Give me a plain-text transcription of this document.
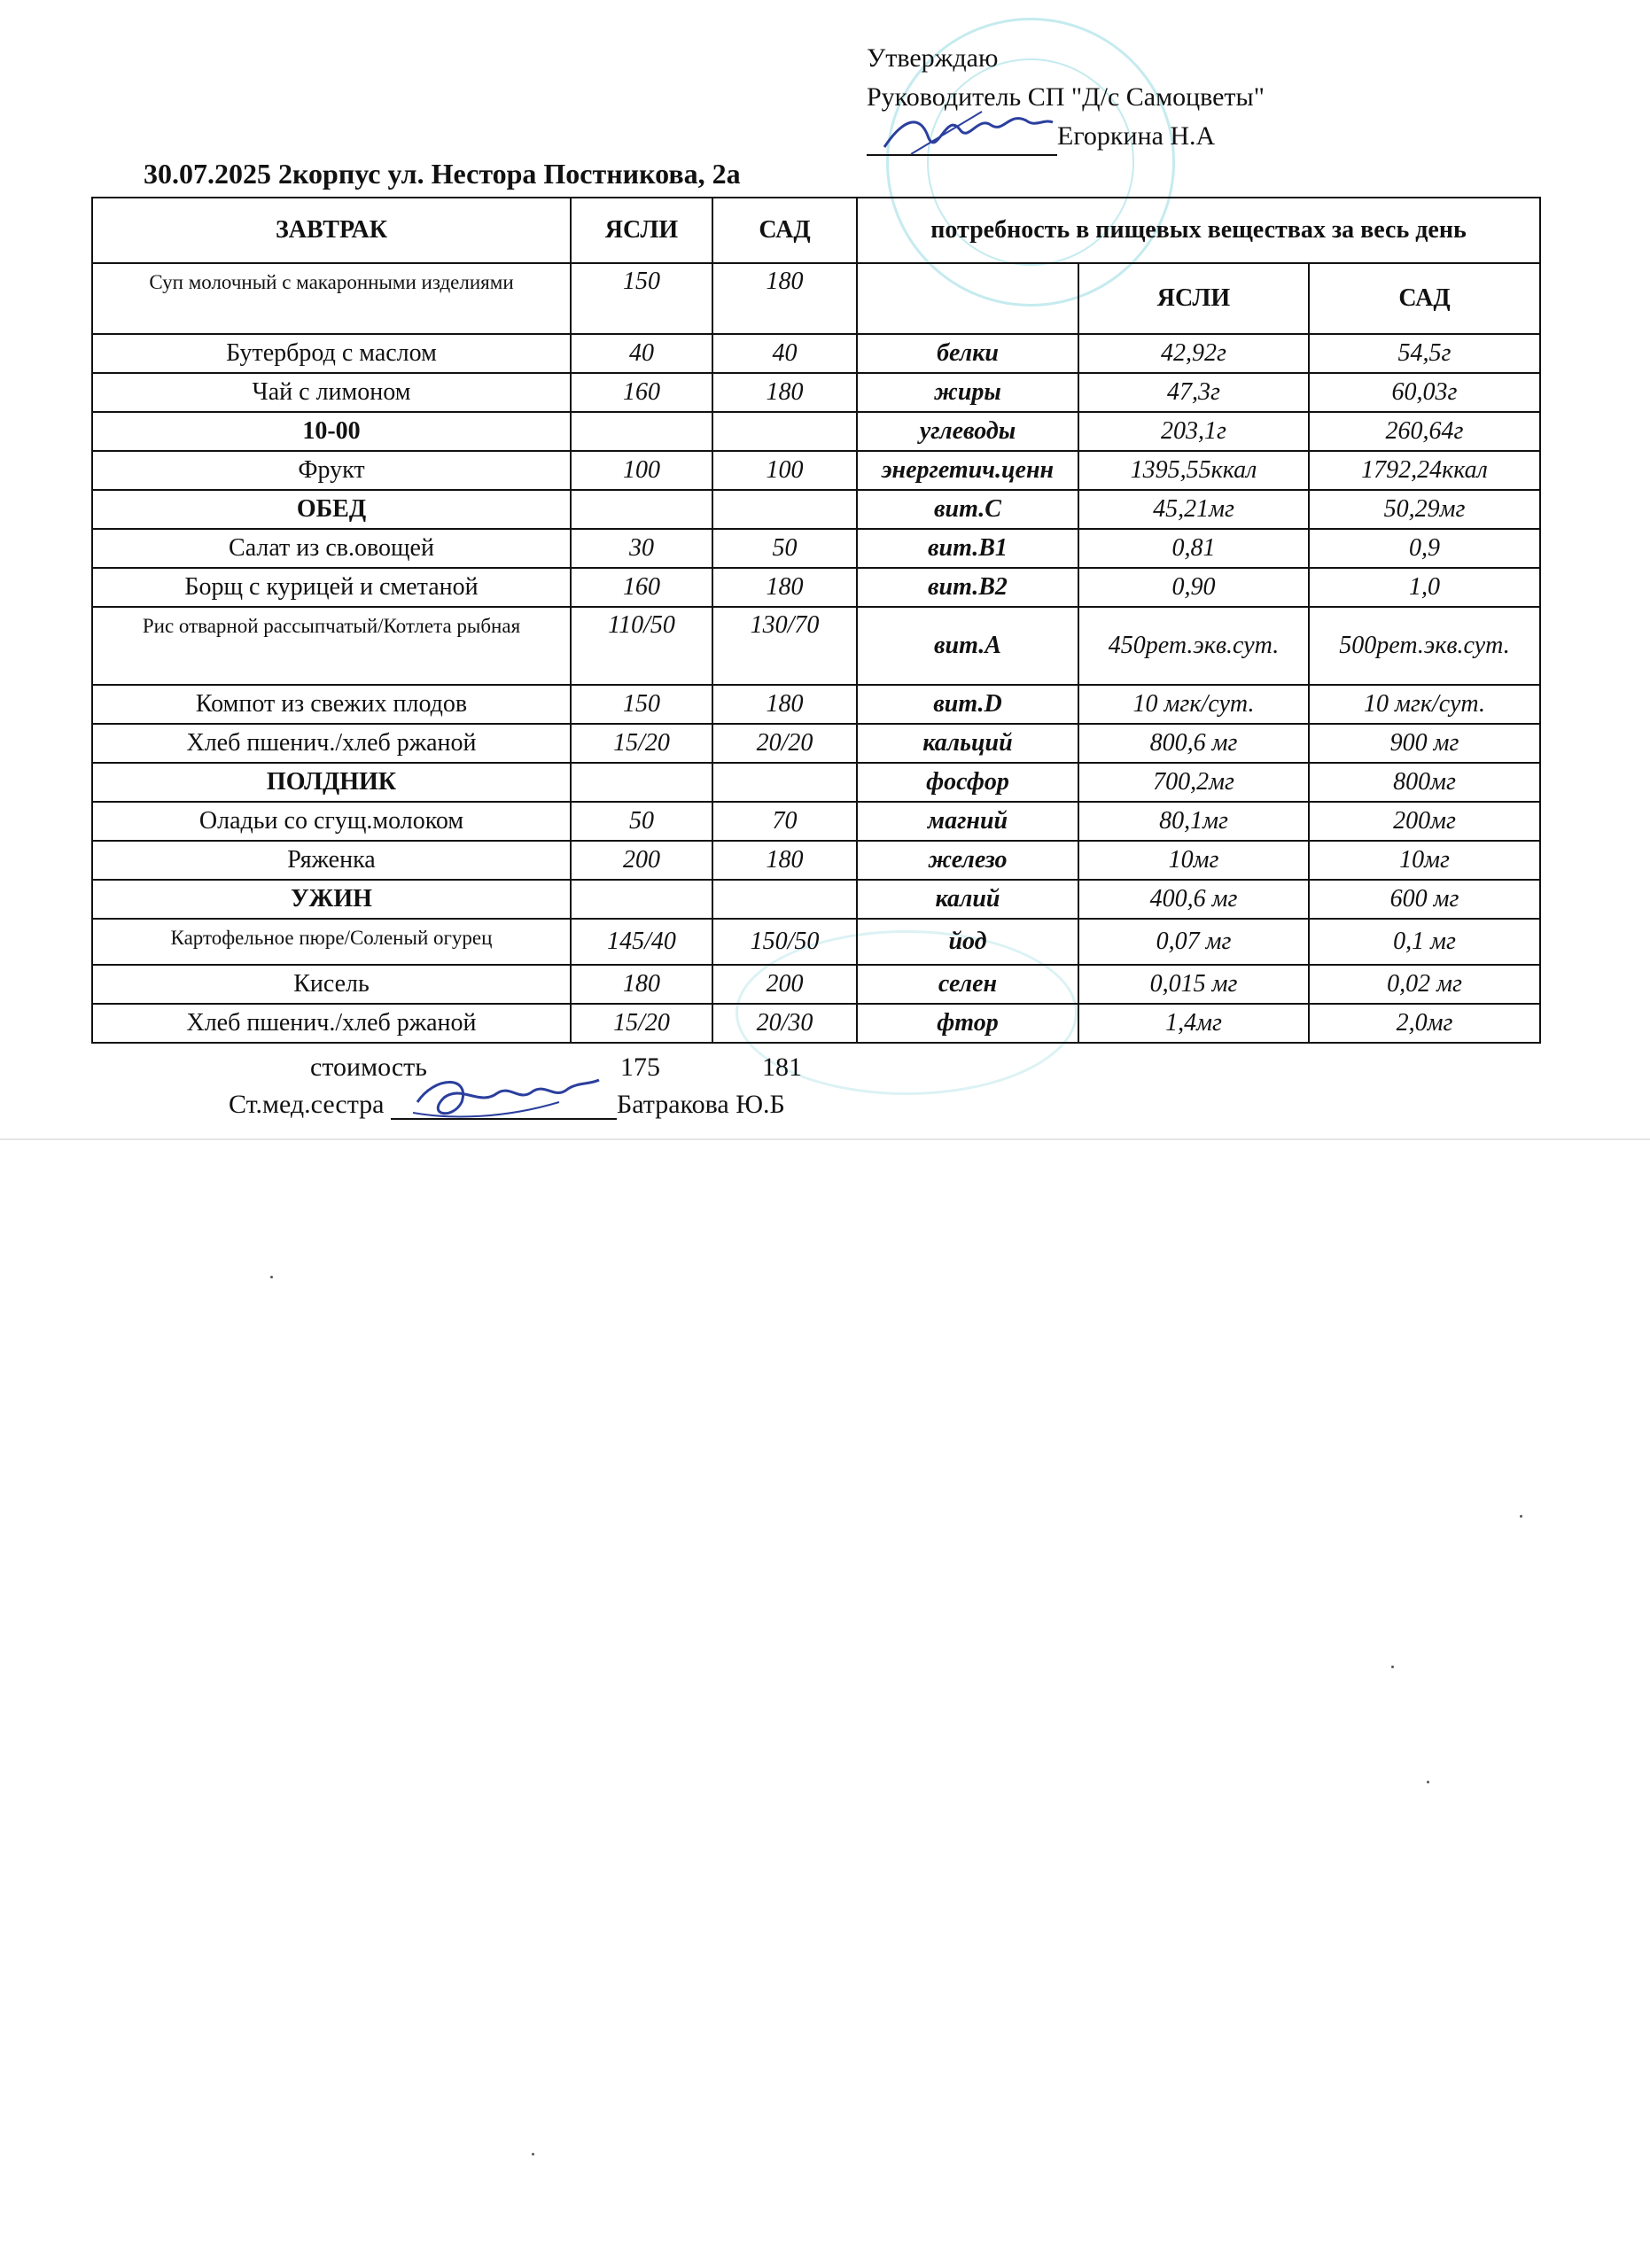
Утверждаю
Руководитель СП "Д/с Самоцветы"
Егоркина Н.А
30.07.2025 2корпус ул. Нестора Постникова, 2а
ЗАВТРАК	ЯСЛИ	САД	потребность в пищевых веществах за весь день		
Суп молочный с макаронными изделиями	150	180		ЯСЛИ	САД
Бутерброд с маслом	40	40	белки	42,92г	54,5г
Чай с лимоном	160	180	жиры	47,3г	60,03г
10-00			углеводы	203,1г	260,64г
Фрукт	100	100	энергетич.ценн	1395,55ккал	1792,24ккал
ОБЕД			вит.С	45,21мг	50,29мг
Салат из св.овощей	30	50	вит.В1	0,81	0,9
Борщ с курицей и сметаной	160	180	вит.В2	0,90	1,0
Рис отварной рассыпчатый/Котлета рыбная	110/50	130/70	вит.А	450рет.экв.сут.	500рет.экв.сут.
Компот из свежих плодов	150	180	вит.D	10 мгк/сут.	10 мгк/сут.
Хлеб пшенич./хлеб ржаной	15/20	20/20	кальций	800,6 мг	900 мг
ПОЛДНИК			фосфор	700,2мг	800мг
Оладьи со сгущ.молоком	50	70	магний	80,1мг	200мг
Ряженка	200	180	железо	10мг	10мг
УЖИН			калий	400,6 мг	600 мг
Картофельное пюре/Соленый огурец	145/40	150/50	йод	0,07 мг	0,1 мг
Кисель	180	200	селен	0,015 мг	0,02 мг
Хлеб пшенич./хлеб ржаной	15/20	20/30	фтор	1,4мг	2,0мг
стоимость	175	181
Ст.мед.сестра	Батракова Ю.Б
